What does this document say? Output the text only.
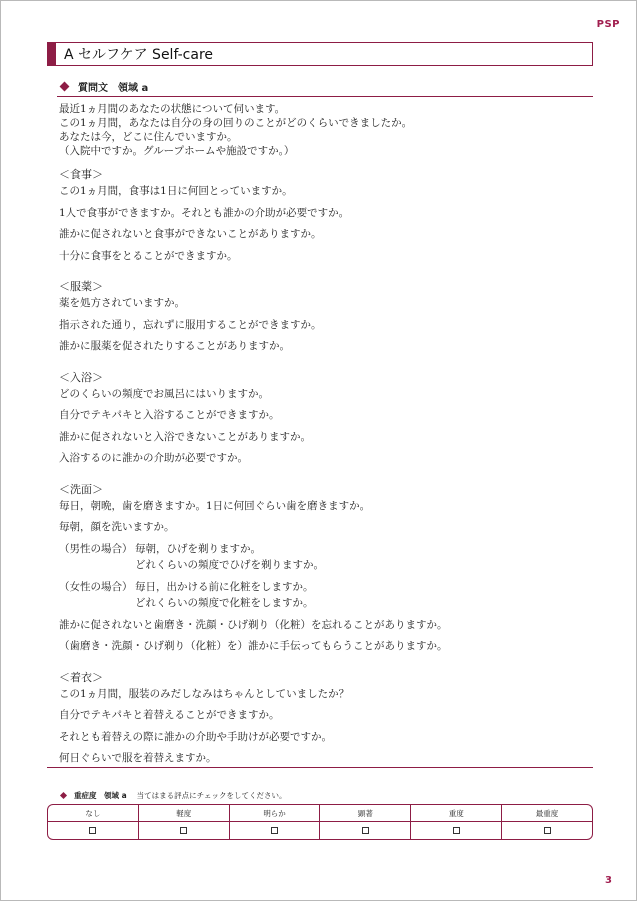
PSP
A セルフケア Self-care
質問文　領域 a
最近1ヵ月間のあなたの状態について伺います。
この1ヵ月間，あなたは自分の身の回りのことがどのくらいできましたか。
あなたは今，どこに住んでいますか。
（入院中ですか。グループホームや施設ですか。）
＜食事＞
この1ヵ月間，食事は1日に何回とっていますか。
1人で食事ができますか。それとも誰かの介助が必要ですか。
誰かに促されないと食事ができないことがありますか。
十分に食事をとることができますか。
＜服薬＞
薬を処方されていますか。
指示された通り，忘れずに服用することができますか。
誰かに服薬を促されたりすることがありますか。
＜入浴＞
どのくらいの頻度でお風呂にはいりますか。
自分でテキパキと入浴することができますか。
誰かに促されないと入浴できないことがありますか。
入浴するのに誰かの介助が必要ですか。
＜洗面＞
毎日，朝晩，歯を磨きますか。1日に何回ぐらい歯を磨きますか。
毎朝，顔を洗いますか。
（男性の場合） 毎朝，ひげを剃りますか。
どれくらいの頻度でひげを剃りますか。
（女性の場合） 毎日，出かける前に化粧をしますか。
どれくらいの頻度で化粧をしますか。
誰かに促されないと歯磨き・洗顔・ひげ剃り（化粧）を忘れることがありますか。
（歯磨き・洗顔・ひげ剃り（化粧）を）誰かに手伝ってもらうことがありますか。
＜着衣＞
この1ヵ月間，服装のみだしなみはちゃんとしていましたか？
自分でテキパキと着替えることができますか。
それとも着替えの際に誰かの介助や手助けが必要ですか。
何日ぐらいで服を着替えますか。
重症度　領域 a 当てはまる評点にチェックをしてください。
なし	軽度	明らか	顕著	重度	最重度
3
